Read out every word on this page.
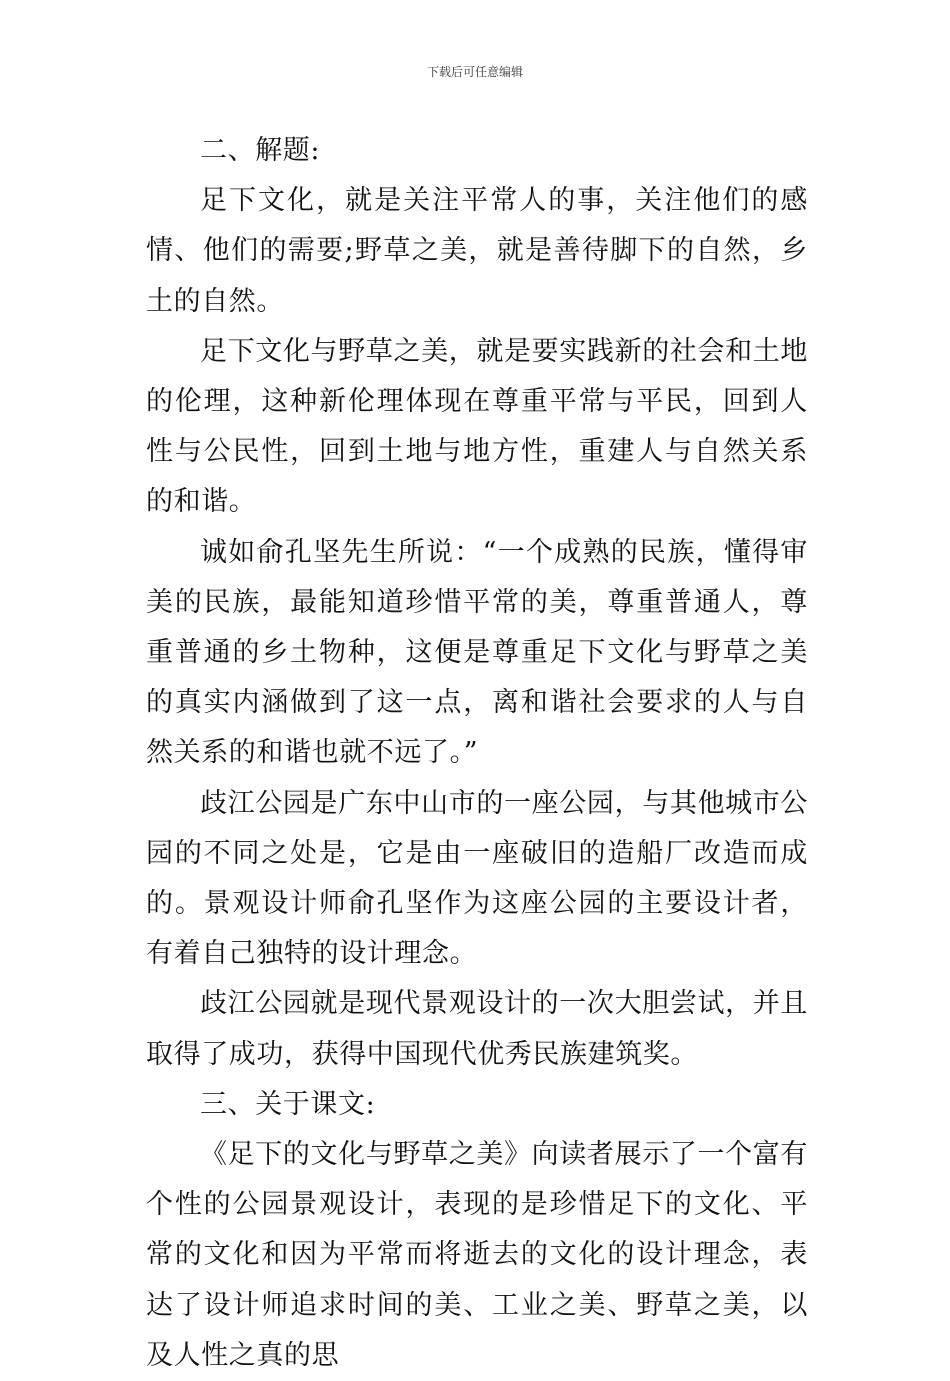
下载后可任意编辑

二、解题:

足下文化，就是关注平常人的事，关注他们的感情、他们的需要;野草之美，就是善待脚下的自然，乡土的自然。

足下文化与野草之美，就是要实践新的社会和土地的伦理，这种新伦理体现在尊重平常与平民，回到人性与公民性，回到土地与地方性，重建人与自然关系的和谐。

诚如俞孔坚先生所说：“一个成熟的民族，懂得审美的民族，最能知道珍惜平常的美，尊重普通人，尊重普通的乡土物种，这便是尊重足下文化与野草之美的真实内涵做到了这一点，离和谐社会要求的人与自然关系的和谐也就不远了。”

歧江公园是广东中山市的一座公园，与其他城市公园的不同之处是，它是由一座破旧的造船厂改造而成的。景观设计师俞孔坚作为这座公园的主要设计者，有着自己独特的设计理念。

歧江公园就是现代景观设计的一次大胆尝试，并且取得了成功，获得中国现代优秀民族建筑奖。

三、关于课文:

《足下的文化与野草之美》向读者展示了一个富有个性的公园景观设计，表现的是珍惜足下的文化、平常的文化和因为平常而将逝去的文化的设计理念，表达了设计师追求时间的美、工业之美、野草之美，以及人性之真的思
